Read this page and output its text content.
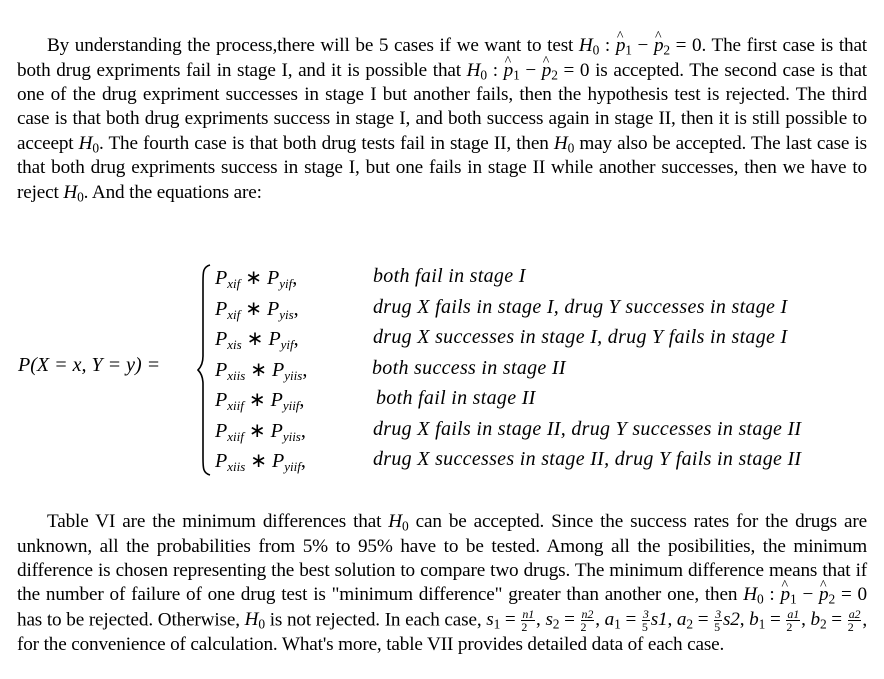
By understanding the process,there will be 5 cases if we want to test $H_0$ : ^ $p_1$ − ^ $p_2 = 0$. The first case is that both drug expriments fail in stage I, and it is possible that $H_0$ : ^ $p_1$ − ^ $p_2 = 0$ is accepted. The second case is that one of the drug expriment successes in stage I but another fails, then the hypothesis test is rejected. The third case is that both drug expriments success in stage I, and both success again in stage II, then it is still possible to acceept $H_0$. The fourth case is that both drug tests fail in stage II, then $H_0$ may also be accepted. The last case is that both drug expriments success in stage I, but one fails in stage II while another successes, then we have to reject $H_0$. And the equations are:

P(X = x, Y = y) =
$P_{xif}$ ∗ $P_{yif}$,	both fail in stage I
$P_{xif}$ ∗ $P_{yis}$,	drug X fails in stage I, drug Y successes in stage I
$P_{xis}$ ∗ $P_{yif}$,	drug X successes in stage I, drug Y fails in stage I
$P_{xiis}$ ∗ $P_{yiis}$,	both success in stage II
$P_{xiif}$ ∗ $P_{yiif}$,	both fail in stage II
$P_{xiif}$ ∗ $P_{yiis}$,	drug X fails in stage II, drug Y successes in stage II
$P_{xiis}$ ∗ $P_{yiif}$,	drug X successes in stage II, drug Y fails in stage II

Table VI are the minimum differences that $H_0$ can be accepted. Since the success rates for the drugs are unknown, all the probabilities from 5% to 95% have to be tested. Among all the posibilities, the minimum difference is chosen representing the best solution to compare two drugs. The minimum difference means that if the number of failure of one drug test is "minimum difference" greater than another one, then $H_0$ : ^ $p_1$ − ^ $p_2 = 0$ has to be rejected. Otherwise, $H_0$ is not rejected. In each case, $s_1 = \frac{n1}{2}$ , $s_2 = \frac{n2}{2}$ , $a_1 = \frac{3}{5} s1$, $a_2 = \frac{3}{5} s2$, $b_1 = \frac{a1}{2}$ , $b_2 = \frac{a2}{2}$ , for the convenience of calculation. What's more, table VII provides detailed data of each case.
